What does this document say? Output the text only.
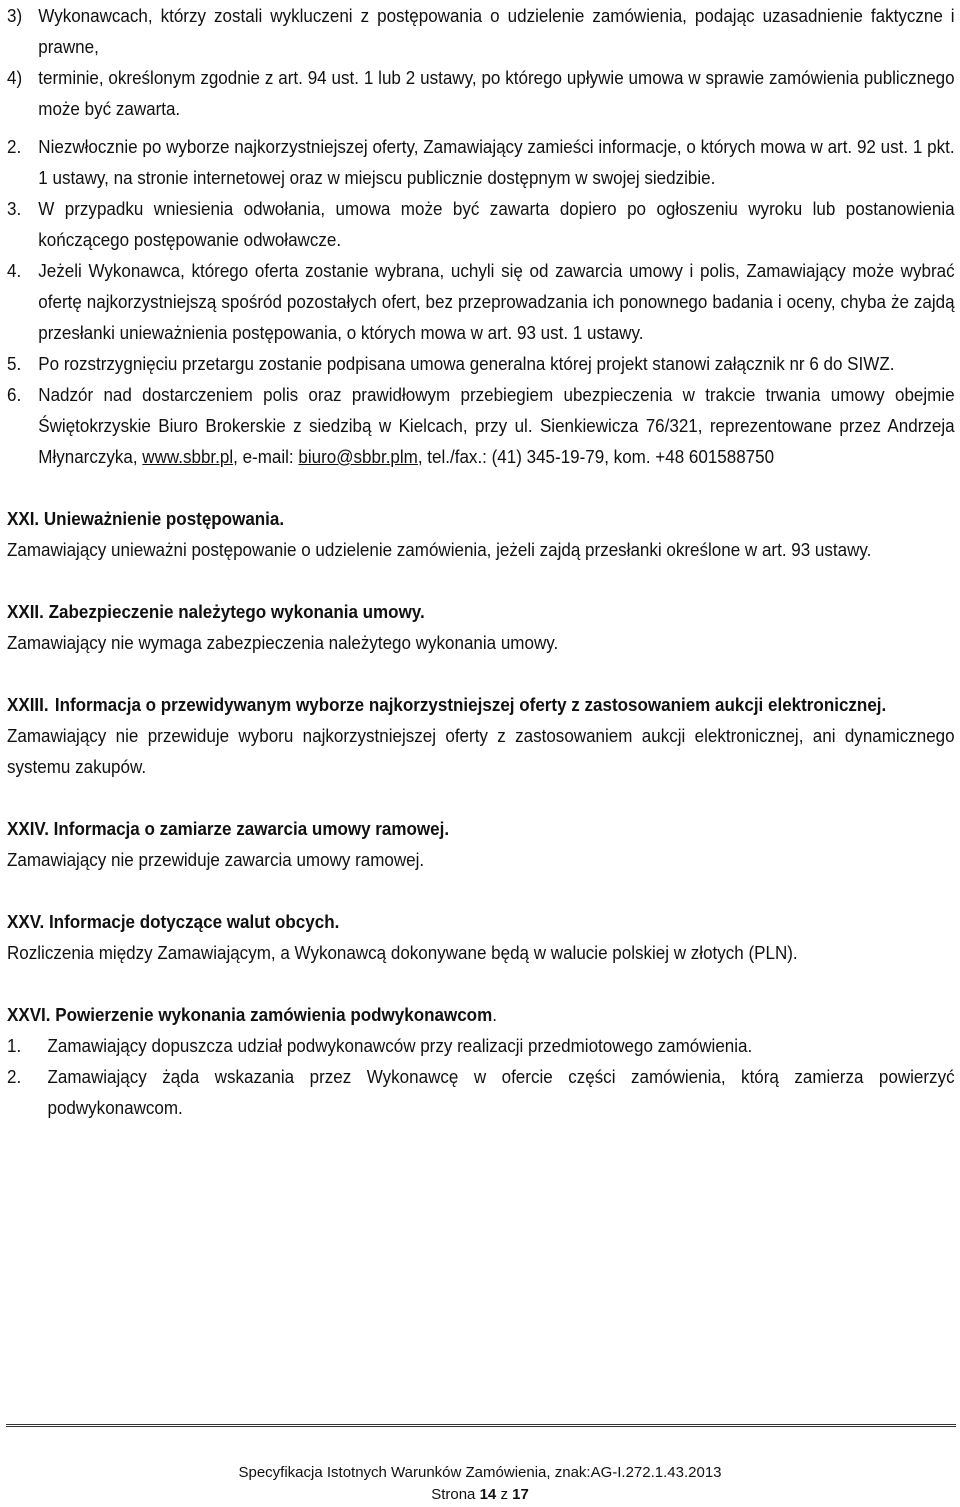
3) Wykonawcach, którzy zostali wykluczeni z postępowania o udzielenie zamówienia, podając uzasadnienie faktyczne i prawne,
4) terminie, określonym zgodnie z art. 94 ust. 1 lub 2 ustawy, po którego upływie umowa w sprawie zamówienia publicznego może być zawarta.
2. Niezwłocznie po wyborze najkorzystniejszej oferty, Zamawiający zamieści informacje, o których mowa w art. 92 ust. 1 pkt. 1 ustawy, na stronie internetowej oraz w miejscu publicznie dostępnym w swojej siedzibie.
3. W przypadku wniesienia odwołania, umowa może być zawarta dopiero po ogłoszeniu wyroku lub postanowienia kończącego postępowanie odwoławcze.
4. Jeżeli Wykonawca, którego oferta zostanie wybrana, uchyli się od zawarcia umowy i polis, Zamawiający może wybrać ofertę najkorzystniejszą spośród pozostałych ofert, bez przeprowadzania ich ponownego badania i oceny, chyba że zajdą przesłanki unieważnienia postępowania, o których mowa w art. 93 ust. 1 ustawy.
5. Po rozstrzygnięciu przetargu zostanie podpisana umowa generalna której projekt stanowi załącznik nr 6 do SIWZ.
6. Nadzór nad dostarczeniem polis oraz prawidłowym przebiegiem ubezpieczenia w trakcie trwania umowy obejmie Świętokrzyskie Biuro Brokerskie z siedzibą w Kielcach, przy ul. Sienkiewicza 76/321, reprezentowane przez Andrzeja Młynarczyka, www.sbbr.pl, e-mail: biuro@sbbr.plm, tel./fax.: (41) 345-19-79, kom. +48 601588750
XXI. Unieważnienie postępowania.
Zamawiający unieważni postępowanie o udzielenie zamówienia, jeżeli zajdą przesłanki określone w art. 93 ustawy.
XXII. Zabezpieczenie należytego wykonania umowy.
Zamawiający nie wymaga zabezpieczenia należytego wykonania umowy.
XXIII. Informacja o przewidywanym wyborze najkorzystniejszej oferty z zastosowaniem aukcji elektronicznej.
Zamawiający nie przewiduje wyboru najkorzystniejszej oferty z zastosowaniem aukcji elektronicznej, ani dynamicznego systemu zakupów.
XXIV. Informacja o zamiarze zawarcia umowy ramowej.
Zamawiający nie przewiduje zawarcia umowy ramowej.
XXV. Informacje dotyczące walut obcych.
Rozliczenia między Zamawiającym, a Wykonawcą dokonywane będą w walucie polskiej w złotych (PLN).
XXVI. Powierzenie wykonania zamówienia podwykonawcom.
1.	Zamawiający dopuszcza udział podwykonawców przy realizacji przedmiotowego zamówienia.
2.	Zamawiający żąda wskazania przez Wykonawcę w ofercie części zamówienia, którą zamierza powierzyć podwykonawcom.
Specyfikacja Istotnych Warunków Zamówienia, znak:AG-I.272.1.43.2013
Strona 14 z 17
